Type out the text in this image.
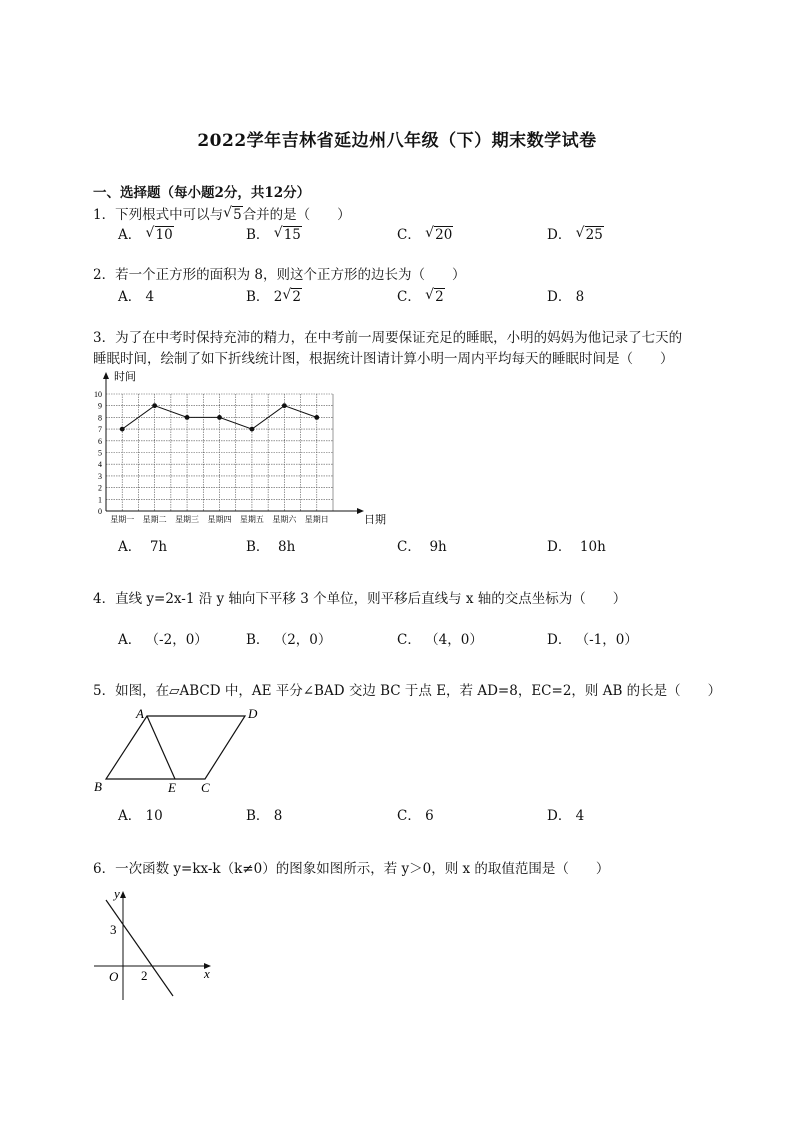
2022学年吉林省延边州八年级（下）期末数学试卷
一、选择题（每小题2分，共12分）
1．下列根式中可以与 √ 5合并的是（　　）
A． √ 10	B． √ 15	C． √ 20	D． √ 25
2．若一个正方形的面积为 8，则这个正方形的边长为（　　）
A． 4	B． 2 √ 2	C． √ 2	D． 8
3．为了在中考时保持充沛的精力，在中考前一周要保证充足的睡眠，小明的妈妈为他记录了七天的
睡眠时间，绘制了如下折线统计图，根据统计图请计算小明一周内平均每天的睡眠时间是（　　）
时间
日期
0
1
2
3
4
5
6
7
8
9
10
星期一 星期二 星期三 星期四 星期五 星期六 星期日
A． 7h	B． 8h	C． 9h	D． 10h
4．直线 y=2x-1 沿 y 轴向下平移 3 个单位，则平移后直线与 x 轴的交点坐标为（　　）
A． （-2，0）	B． （2，0）	C． （4，0）	D． （-1，0）
5．如图，在▱ABCD 中，AE 平分∠BAD 交边 BC 于点 E，若 AD=8，EC=2，则 AB 的长是（　　）
A	D
B	E C
A． 10	B． 8	C． 6	D． 4
6．一次函数 y=kx-k（k≠0）的图象如图所示，若 y＞0，则 x 的取值范围是（　　）
y
x
O
3
2
